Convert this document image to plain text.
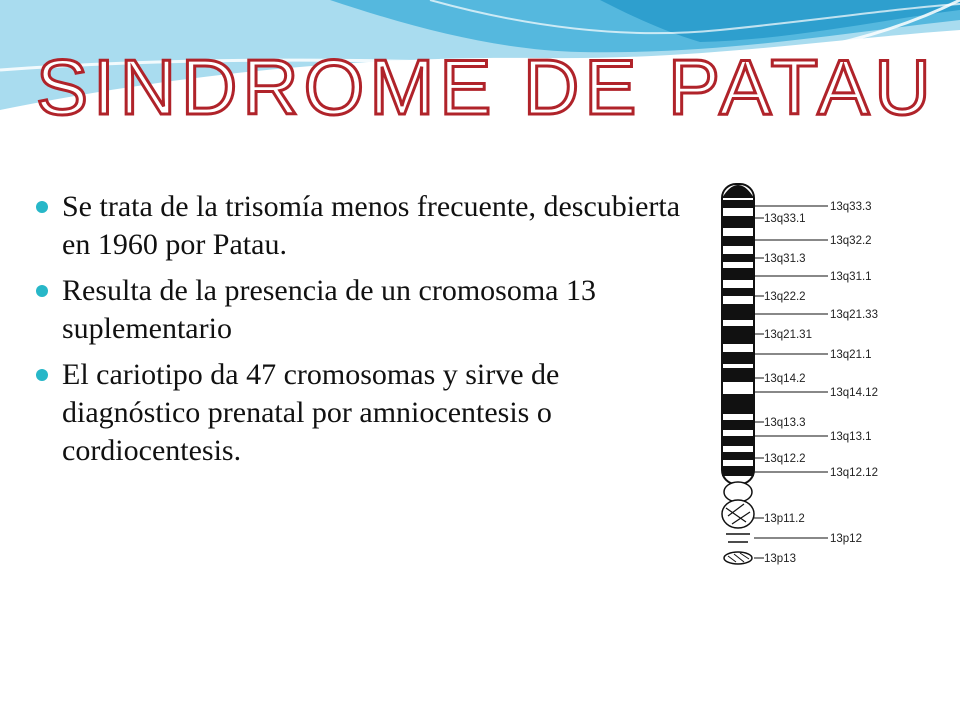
SINDROME DE PATAU
Se trata de la trisomía menos frecuente, descubierta en 1960 por Patau.
Resulta de la presencia de un cromosoma 13 suplementario
El cariotipo da 47 cromosomas y sirve de diagnóstico prenatal por amniocentesis o cordiocentesis.
13q33.1
13q31.3
13q22.2
13q21.31
13q14.2
13q13.3
13q12.2
13p11.2
13p13
13q33.3
13q32.2
13q31.1
13q21.33
13q21.1
13q14.12
13q13.1
13q12.12
13p12
